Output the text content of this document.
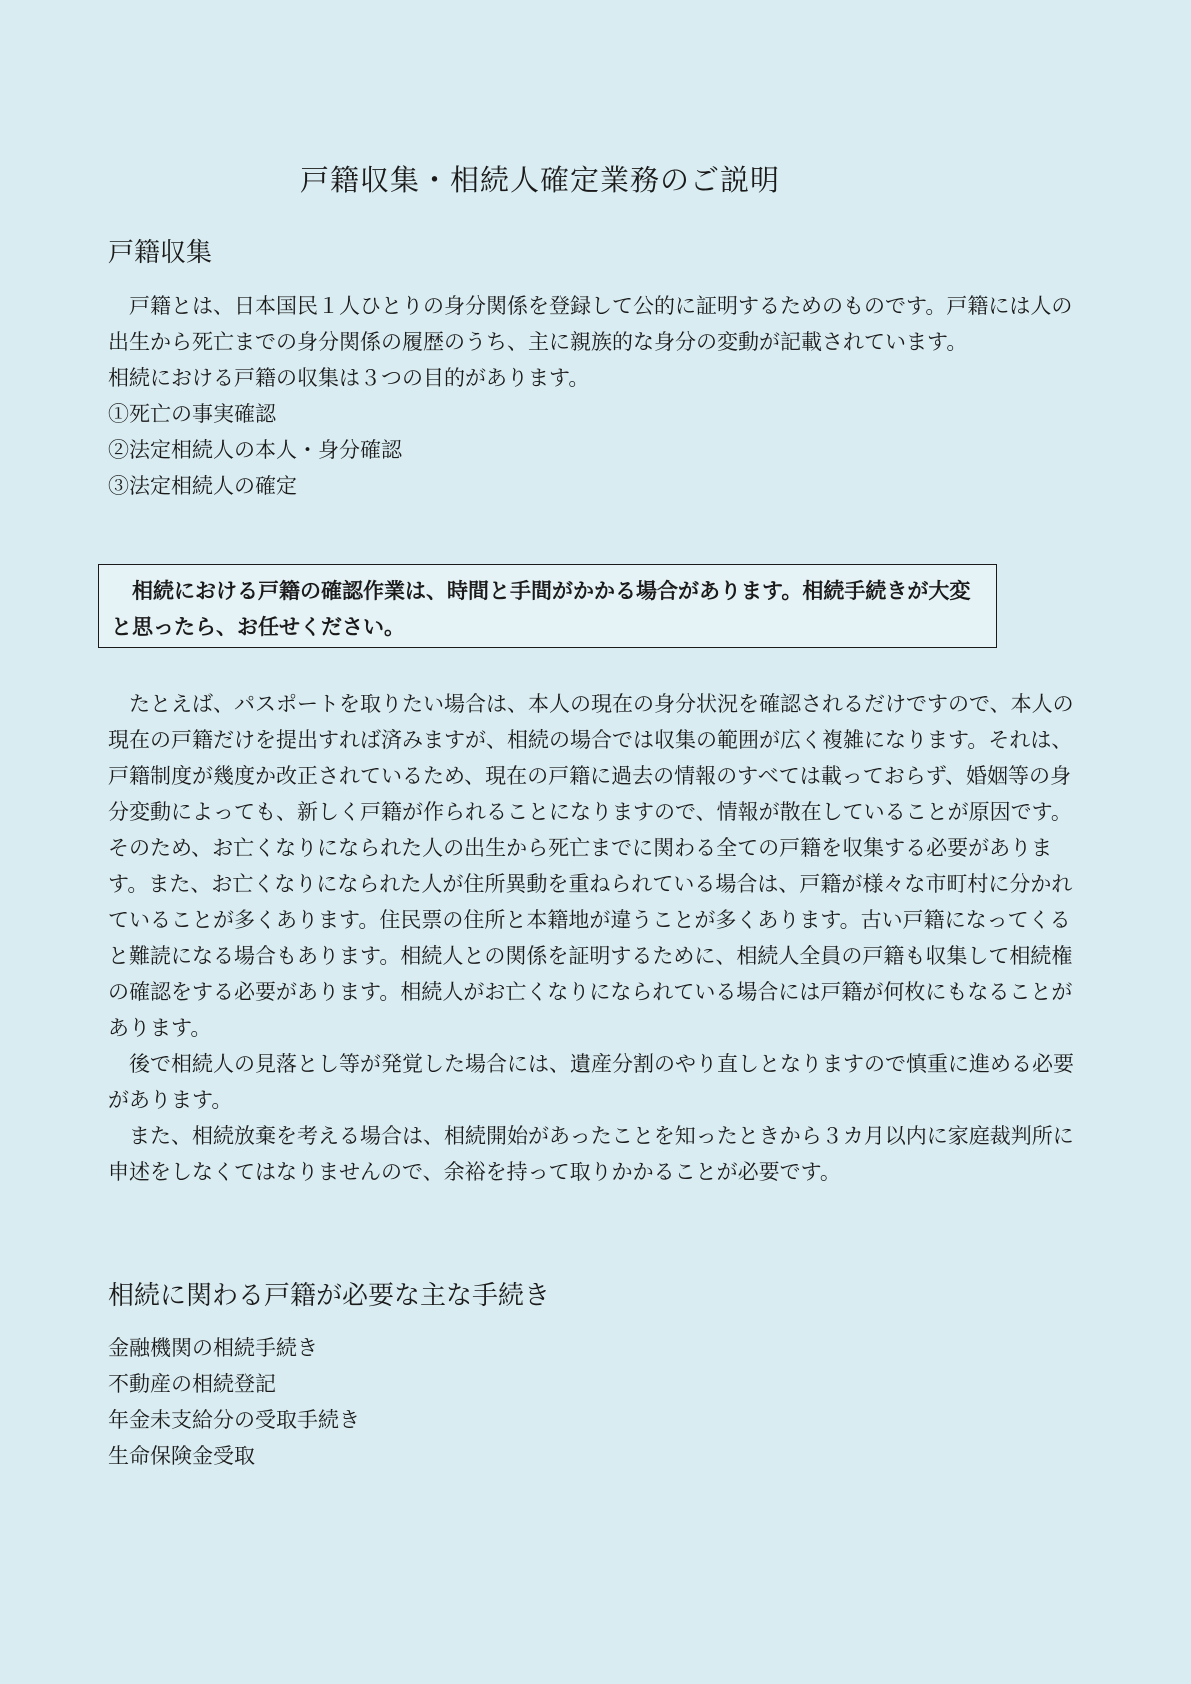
戸籍収集・相続人確定業務のご説明
戸籍収集

戸籍とは、日本国民１人ひとりの身分関係を登録して公的に証明するためのものです。戸籍には人の出生から死亡までの身分関係の履歴のうち、主に親族的な身分の変動が記載されています。

相続における戸籍の収集は３つの目的があります。

①死亡の事実確認
②法定相続人の本人・身分確認
③法定相続人の確定

相続における戸籍の確認作業は、時間と手間がかかる場合があります。相続手続きが大変と思ったら、お任せください。

たとえば、パスポートを取りたい場合は、本人の現在の身分状況を確認されるだけですので、本人の現在の戸籍だけを提出すれば済みますが、相続の場合では収集の範囲が広く複雑になります。それは、戸籍制度が幾度か改正されているため、現在の戸籍に過去の情報のすべては載っておらず、婚姻等の身分変動によっても、新しく戸籍が作られることになりますので、情報が散在していることが原因です。そのため、お亡くなりになられた人の出生から死亡までに関わる全ての戸籍を収集する必要があります。また、お亡くなりになられた人が住所異動を重ねられている場合は、戸籍が様々な市町村に分かれていることが多くあります。住民票の住所と本籍地が違うことが多くあります。古い戸籍になってくると難読になる場合もあります。相続人との関係を証明するために、相続人全員の戸籍も収集して相続権の確認をする必要があります。相続人がお亡くなりになられている場合には戸籍が何枚にもなることがあります。

後で相続人の見落とし等が発覚した場合には、遺産分割のやり直しとなりますので慎重に進める必要があります。

また、相続放棄を考える場合は、相続開始があったことを知ったときから３カ月以内に家庭裁判所に申述をしなくてはなりませんので、余裕を持って取りかかることが必要です。

相続に関わる戸籍が必要な主な手続き
金融機関の相続手続き
不動産の相続登記
年金未支給分の受取手続き
生命保険金受取
